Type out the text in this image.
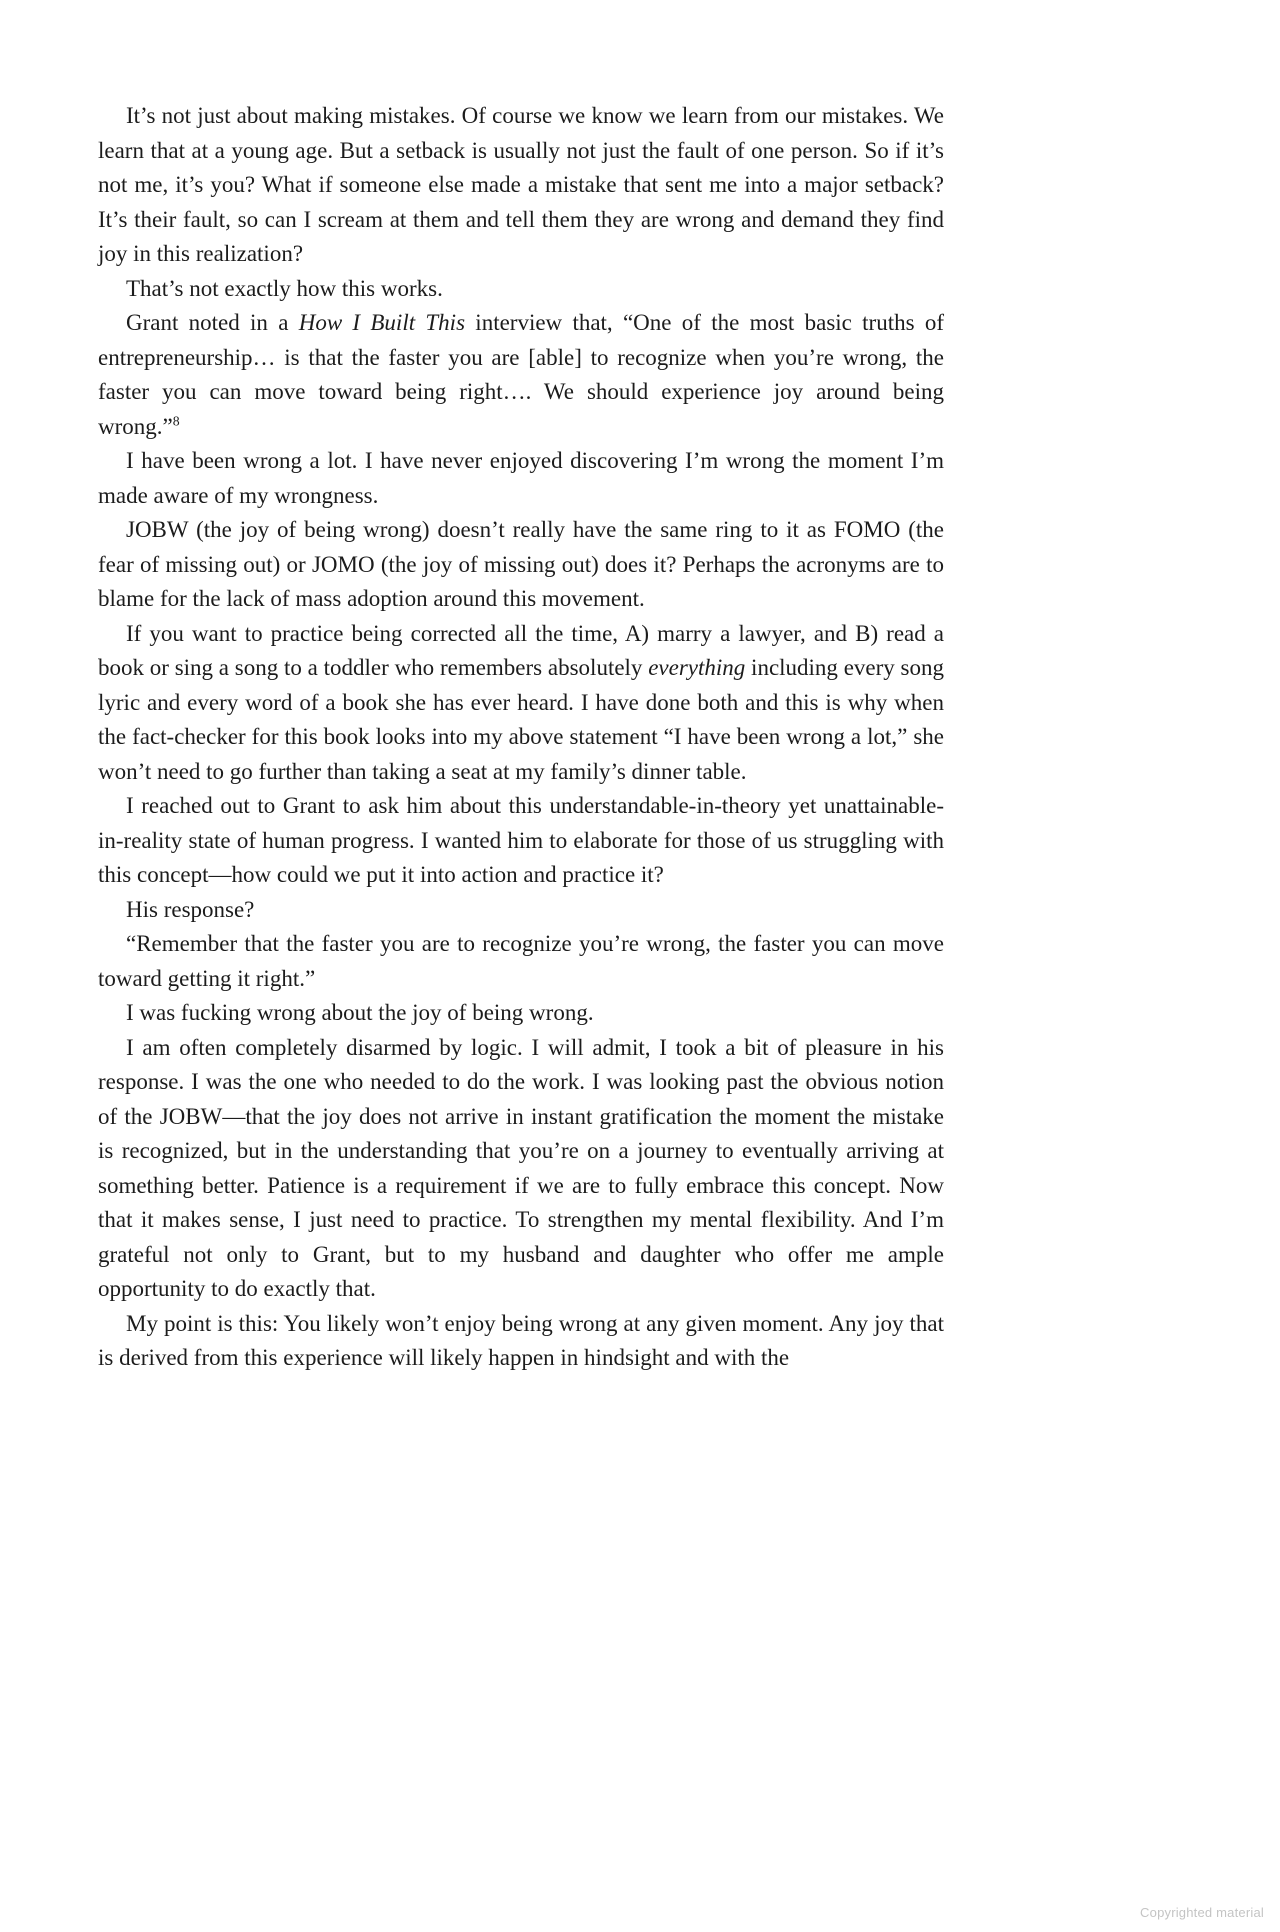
It’s not just about making mistakes. Of course we know we learn from our mistakes. We learn that at a young age. But a setback is usually not just the fault of one person. So if it’s not me, it’s you? What if someone else made a mistake that sent me into a major setback? It’s their fault, so can I scream at them and tell them they are wrong and demand they find joy in this realization?

That’s not exactly how this works.

Grant noted in a How I Built This interview that, “One of the most basic truths of entrepreneurship… is that the faster you are [able] to recognize when you’re wrong, the faster you can move toward being right…. We should experience joy around being wrong.”$^8$

I have been wrong a lot. I have never enjoyed discovering I’m wrong the moment I’m made aware of my wrongness.

JOBW (the joy of being wrong) doesn’t really have the same ring to it as FOMO (the fear of missing out) or JOMO (the joy of missing out) does it? Perhaps the acronyms are to blame for the lack of mass adoption around this movement.

If you want to practice being corrected all the time, A) marry a lawyer, and B) read a book or sing a song to a toddler who remembers absolutely everything including every song lyric and every word of a book she has ever heard. I have done both and this is why when the fact-checker for this book looks into my above statement “I have been wrong a lot,” she won’t need to go further than taking a seat at my family’s dinner table.

I reached out to Grant to ask him about this understandable-in-theory yet unattainable-in-reality state of human progress. I wanted him to elaborate for those of us struggling with this concept—how could we put it into action and practice it?

His response?

“Remember that the faster you are to recognize you’re wrong, the faster you can move toward getting it right.”

I was fucking wrong about the joy of being wrong.

I am often completely disarmed by logic. I will admit, I took a bit of pleasure in his response. I was the one who needed to do the work. I was looking past the obvious notion of the JOBW—that the joy does not arrive in instant gratification the moment the mistake is recognized, but in the understanding that you’re on a journey to eventually arriving at something better. Patience is a requirement if we are to fully embrace this concept. Now that it makes sense, I just need to practice. To strengthen my mental flexibility. And I’m grateful not only to Grant, but to my husband and daughter who offer me ample opportunity to do exactly that.

My point is this: You likely won’t enjoy being wrong at any given moment. Any joy that is derived from this experience will likely happen in hindsight and with the

Copyrighted material
